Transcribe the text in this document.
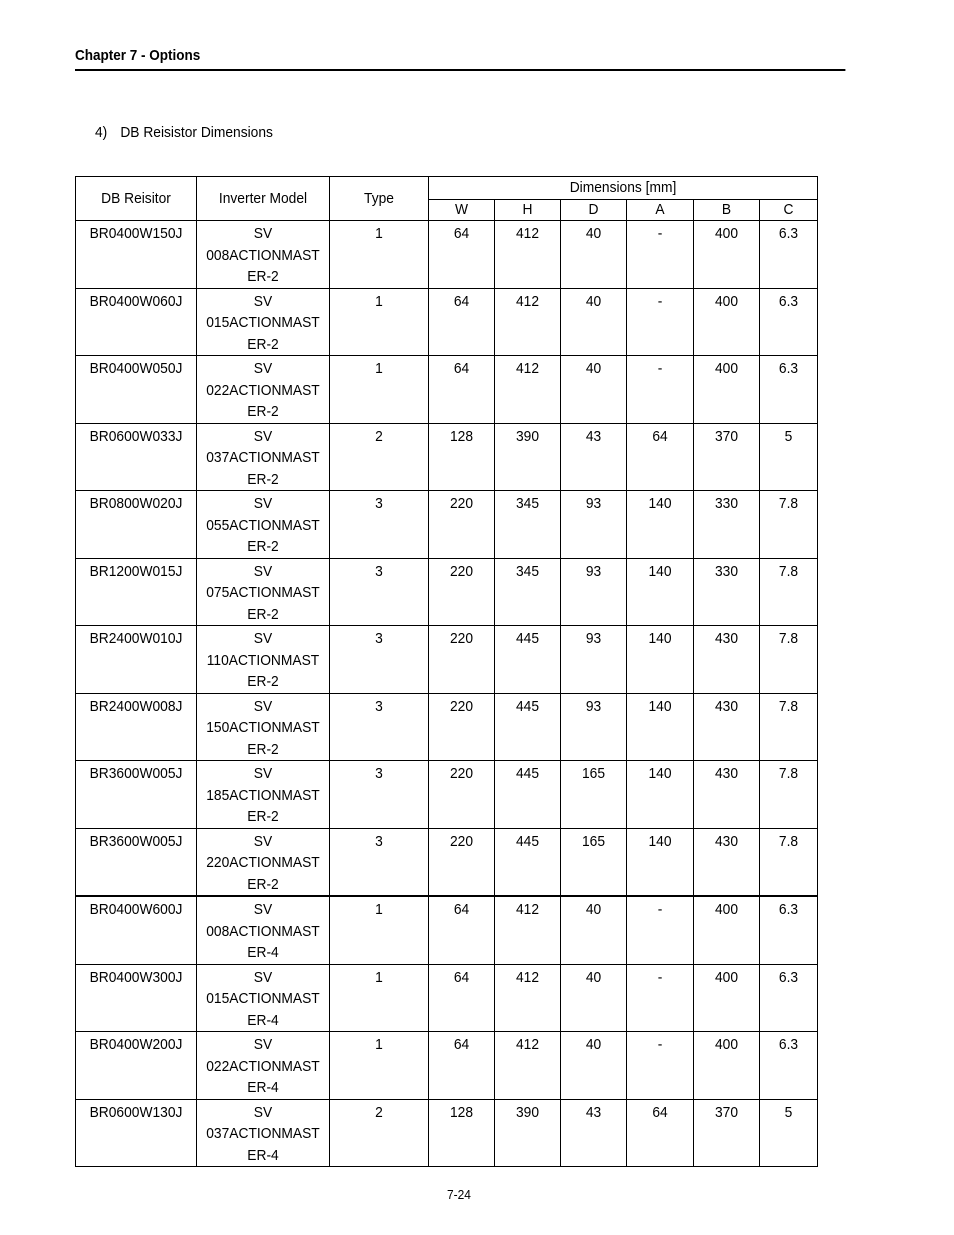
Chapter 7 - Options
4) DB Reisistor Dimensions
DB Reisitor	Inverter Model	Type	Dimensions [mm]					

			W	H	D	A	B	C

BR0400W150J	SV
008ACTIONMAST
ER-2	1	64	412	40	-	400	6.3

BR0400W060J	SV
015ACTIONMAST
ER-2	1	64	412	40	-	400	6.3

BR0400W050J	SV
022ACTIONMAST
ER-2	1	64	412	40	-	400	6.3

BR0600W033J	SV
037ACTIONMAST
ER-2	2	128	390	43	64	370	5

BR0800W020J	SV
055ACTIONMAST
ER-2	3	220	345	93	140	330	7.8

BR1200W015J	SV
075ACTIONMAST
ER-2	3	220	345	93	140	330	7.8

BR2400W010J	SV
110ACTIONMAST
ER-2	3	220	445	93	140	430	7.8

BR2400W008J	SV
150ACTIONMAST
ER-2	3	220	445	93	140	430	7.8

BR3600W005J	SV
185ACTIONMAST
ER-2	3	220	445	165	140	430	7.8

BR3600W005J	SV
220ACTIONMAST
ER-2	3	220	445	165	140	430	7.8

BR0400W600J	SV
008ACTIONMAST
ER-4	1	64	412	40	-	400	6.3

BR0400W300J	SV
015ACTIONMAST
ER-4	1	64	412	40	-	400	6.3

BR0400W200J	SV
022ACTIONMAST
ER-4	1	64	412	40	-	400	6.3

BR0600W130J	SV
037ACTIONMAST
ER-4	2	128	390	43	64	370	5
7-24
